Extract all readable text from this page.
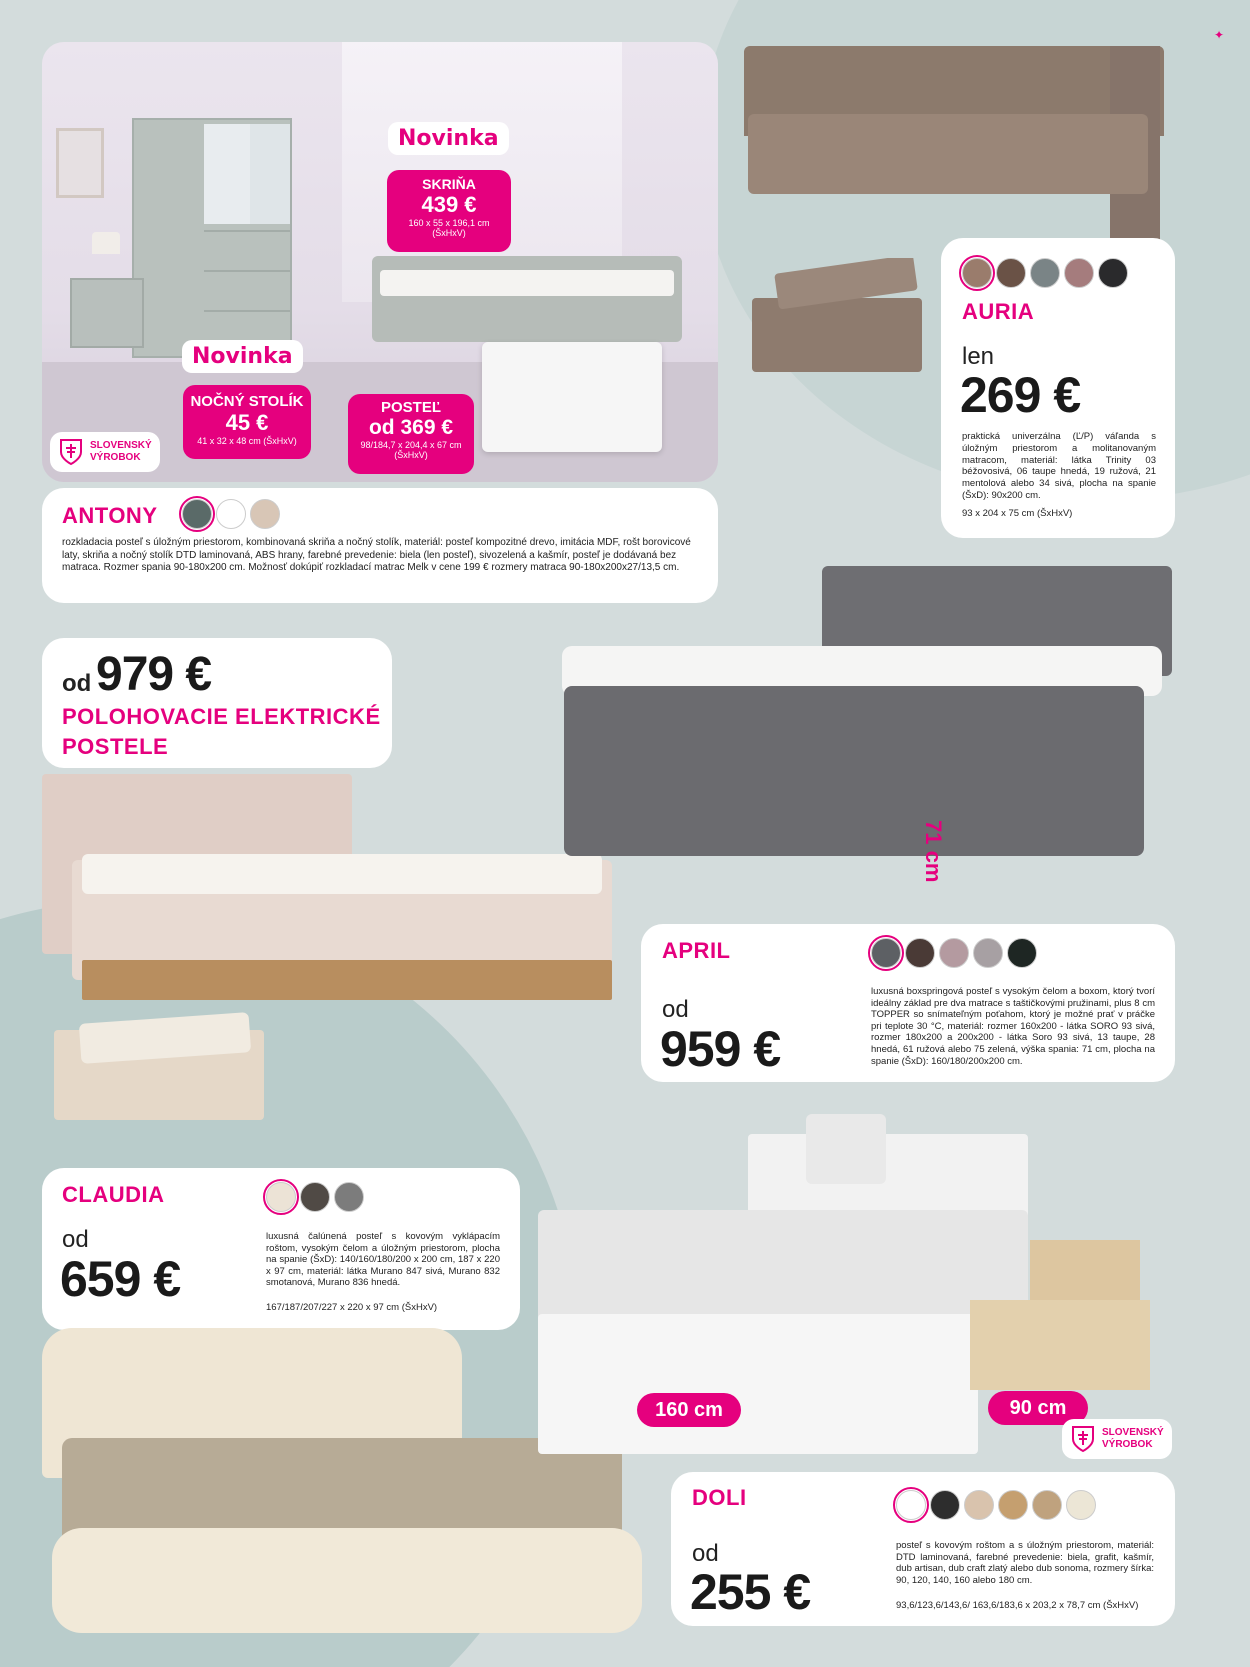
✦
Novinka
SKRIŇA
439 €
160 x 55 x 196,1 cm
(ŠxHxV)
Novinka
NOČNÝ STOLÍK
45 €
41 x 32 x 48 cm (ŠxHxV)
POSTEĽ
od 369 €
98/184,7 x 204,4 x 67 cm
(ŠxHxV)
SLOVENSKÝ
VÝROBOK
ANTONY
rozkladacia posteľ s úložným priestorom, kombinovaná skriňa a nočný stolík, materiál: posteľ kompozitné drevo, imitácia MDF, rošt borovicové laty, skriňa a nočný stolík DTD laminovaná, ABS hrany, farebné prevedenie: biela (len posteľ), sivozelená a kašmír, posteľ je dodávaná bez matraca. Rozmer spania 90-180x200 cm. Možnosť dokúpiť rozkladací matrac Melk v cene 199 € rozmery matraca 90-180x200x27/13,5 cm.
AURIA
len
269 €
praktická univerzálna (Ľ/P) váľanda s úložným priestorom a molitanovaným matracom, materiál: látka Trinity 03 béžovosivá, 06 taupe hnedá, 19 ružová, 21 mentolová alebo 34 sivá, plocha na spanie (ŠxD): 90x200 cm.
93 x 204 x 75 cm (ŠxHxV)
od 979 €
POLOHOVACIE ELEKTRICKÉ
POSTELE
71 cm
APRIL
od
959 €
luxusná boxspringová posteľ s vysokým čelom a boxom, ktorý tvorí ideálny základ pre dva matrace s taštičkovými pružinami, plus 8 cm TOPPER so snímateľným poťahom, ktorý je možné prať v práčke pri teplote 30 °C, materiál: rozmer 160x200 - látka SORO 93 sivá, rozmer 180x200 a 200x200 - látka Soro 93 sivá, 13 taupe, 28 hnedá, 61 ružová alebo 75 zelená, výška spania: 71 cm, plocha na spanie (ŠxD): 160/180/200x200 cm.
CLAUDIA
od
659 €
luxusná čalúnená posteľ s kovovým vyklápacím roštom, vysokým čelom a úložným priestorom, plocha na spanie (ŠxD): 140/160/180/200 x 200 cm, 187 x 220 x 97 cm, materiál: látka Murano 847 sivá, Murano 832 smotanová, Murano 836 hnedá.
167/187/207/227 x 220 x 97 cm (ŠxHxV)
160 cm	90 cm
SLOVENSKÝ
VÝROBOK
DOLI
od
255 €
posteľ s kovovým roštom a s úložným priestorom, materiál: DTD laminovaná, farebné prevedenie: biela, grafit, kašmír, dub artisan, dub craft zlatý alebo dub sonoma, rozmery šírka: 90, 120, 140, 160 alebo 180 cm.
93,6/123,6/143,6/ 163,6/183,6 x 203,2 x 78,7 cm (ŠxHxV)
